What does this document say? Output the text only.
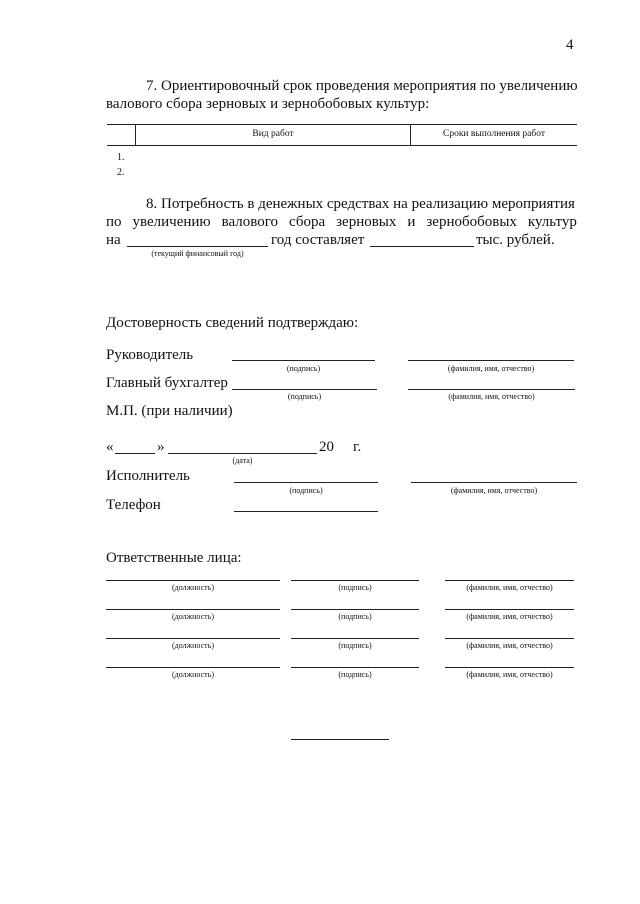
4
7. Ориентировочный срок проведения мероприятия по увеличению
валового сбора зерновых и зернобобовых культур:
Вид работ	Сроки выполнения работ
1.
2.
8. Потребность в денежных средствах на реализацию мероприятия
по увеличению валового сбора зерновых и зернобобовых культур
на	год составляет	тыс. рублей.
(текущий финансовый год)
Достоверность сведений подтверждаю:
Руководитель
(подпись)	(фамилия, имя, отчество)
Главный бухгалтер
(подпись)	(фамилия, имя, отчество)
М.П. (при наличии)
«	»	20 г.
(дата)
Исполнитель
(подпись)	(фамилия, имя, отчество)
Телефон
Ответственные лица:
(должность)	(подпись)	(фамилия, имя, отчество)
(должность)	(подпись)	(фамилия, имя, отчество)
(должность)	(подпись)	(фамилия, имя, отчество)
(должность)	(подпись)	(фамилия, имя, отчество)
